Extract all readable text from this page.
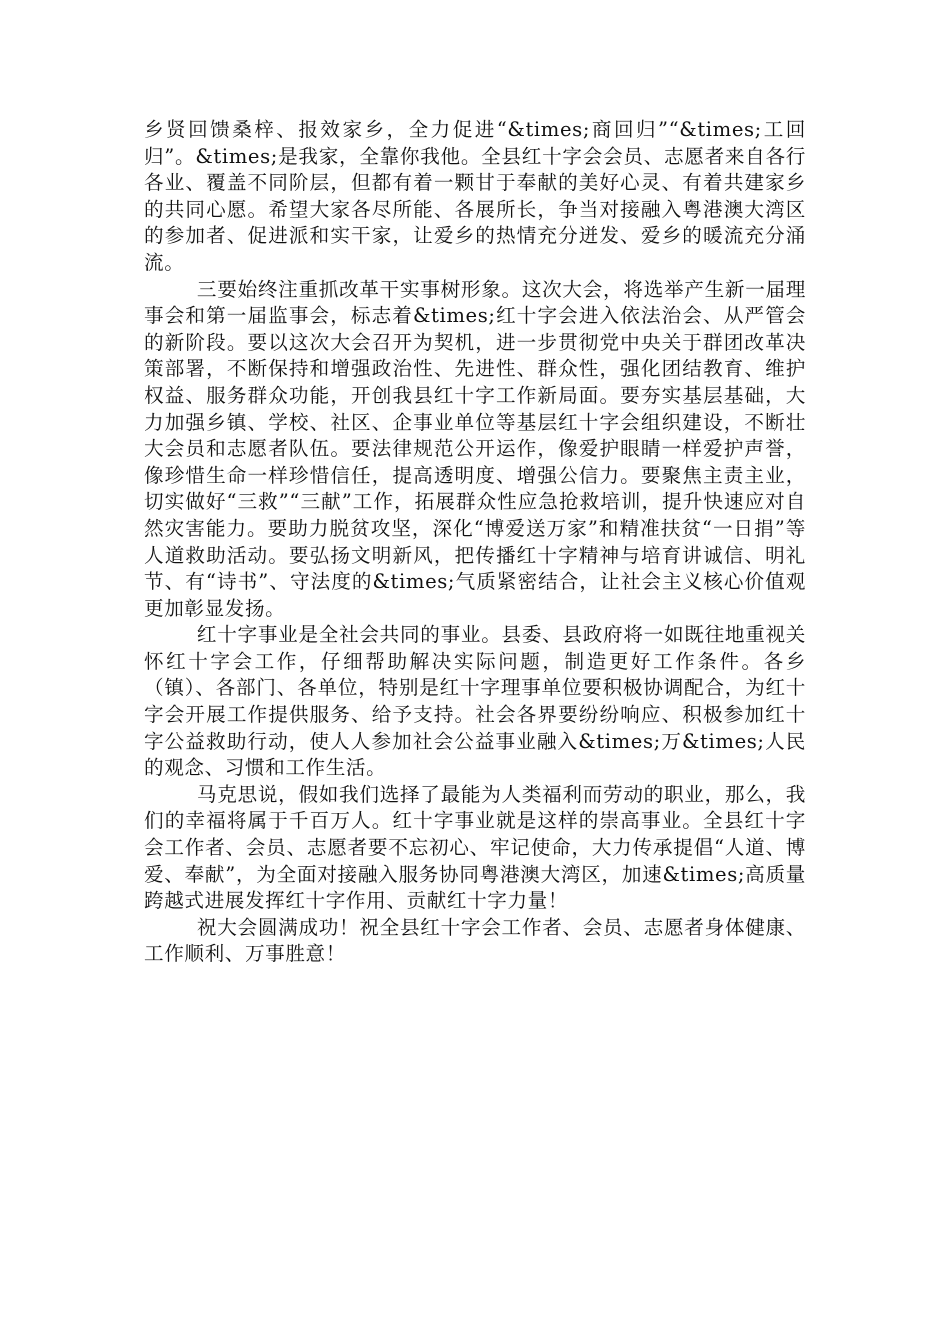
乡贤回馈桑梓、报效家乡，全力促进“&times;商回归”“&times;工回归”。&times;是我家，全靠你我他。全县红十字会会员、志愿者来自各行各业、覆盖不同阶层，但都有着一颗甘于奉献的美好心灵、有着共建家乡的共同心愿。希望大家各尽所能、各展所长，争当对接融入粤港澳大湾区的参加者、促进派和实干家，让爱乡的热情充分迸发、爱乡的暖流充分涌流。

三要始终注重抓改革干实事树形象。这次大会，将选举产生新一届理事会和第一届监事会，标志着&times;红十字会进入依法治会、从严管会的新阶段。要以这次大会召开为契机，进一步贯彻党中央关于群团改革决策部署，不断保持和增强政治性、先进性、群众性，强化团结教育、维护权益、服务群众功能，开创我县红十字工作新局面。要夯实基层基础，大力加强乡镇、学校、社区、企事业单位等基层红十字会组织建设，不断壮大会员和志愿者队伍。要法律规范公开运作，像爱护眼睛一样爱护声誉，像珍惜生命一样珍惜信任，提高透明度、增强公信力。要聚焦主责主业，切实做好“三救”“三献”工作，拓展群众性应急抢救培训，提升快速应对自然灾害能力。要助力脱贫攻坚，深化“博爱送万家”和精准扶贫“一日捐”等人道救助活动。要弘扬文明新风，把传播红十字精神与培育讲诚信、明礼节、有“诗书”、守法度的&times;气质紧密结合，让社会主义核心价值观更加彰显发扬。

红十字事业是全社会共同的事业。县委、县政府将一如既往地重视关怀红十字会工作，仔细帮助解决实际问题，制造更好工作条件。各乡（镇）、各部门、各单位，特别是红十字理事单位要积极协调配合，为红十字会开展工作提供服务、给予支持。社会各界要纷纷响应、积极参加红十字公益救助行动，使人人参加社会公益事业融入&times;万&times;人民的观念、习惯和工作生活。

马克思说，假如我们选择了最能为人类福利而劳动的职业，那么，我们的幸福将属于千百万人。红十字事业就是这样的崇高事业。全县红十字会工作者、会员、志愿者要不忘初心、牢记使命，大力传承提倡“人道、博爱、奉献”，为全面对接融入服务协同粤港澳大湾区，加速&times;高质量跨越式进展发挥红十字作用、贡献红十字力量！

祝大会圆满成功！祝全县红十字会工作者、会员、志愿者身体健康、工作顺利、万事胜意！
